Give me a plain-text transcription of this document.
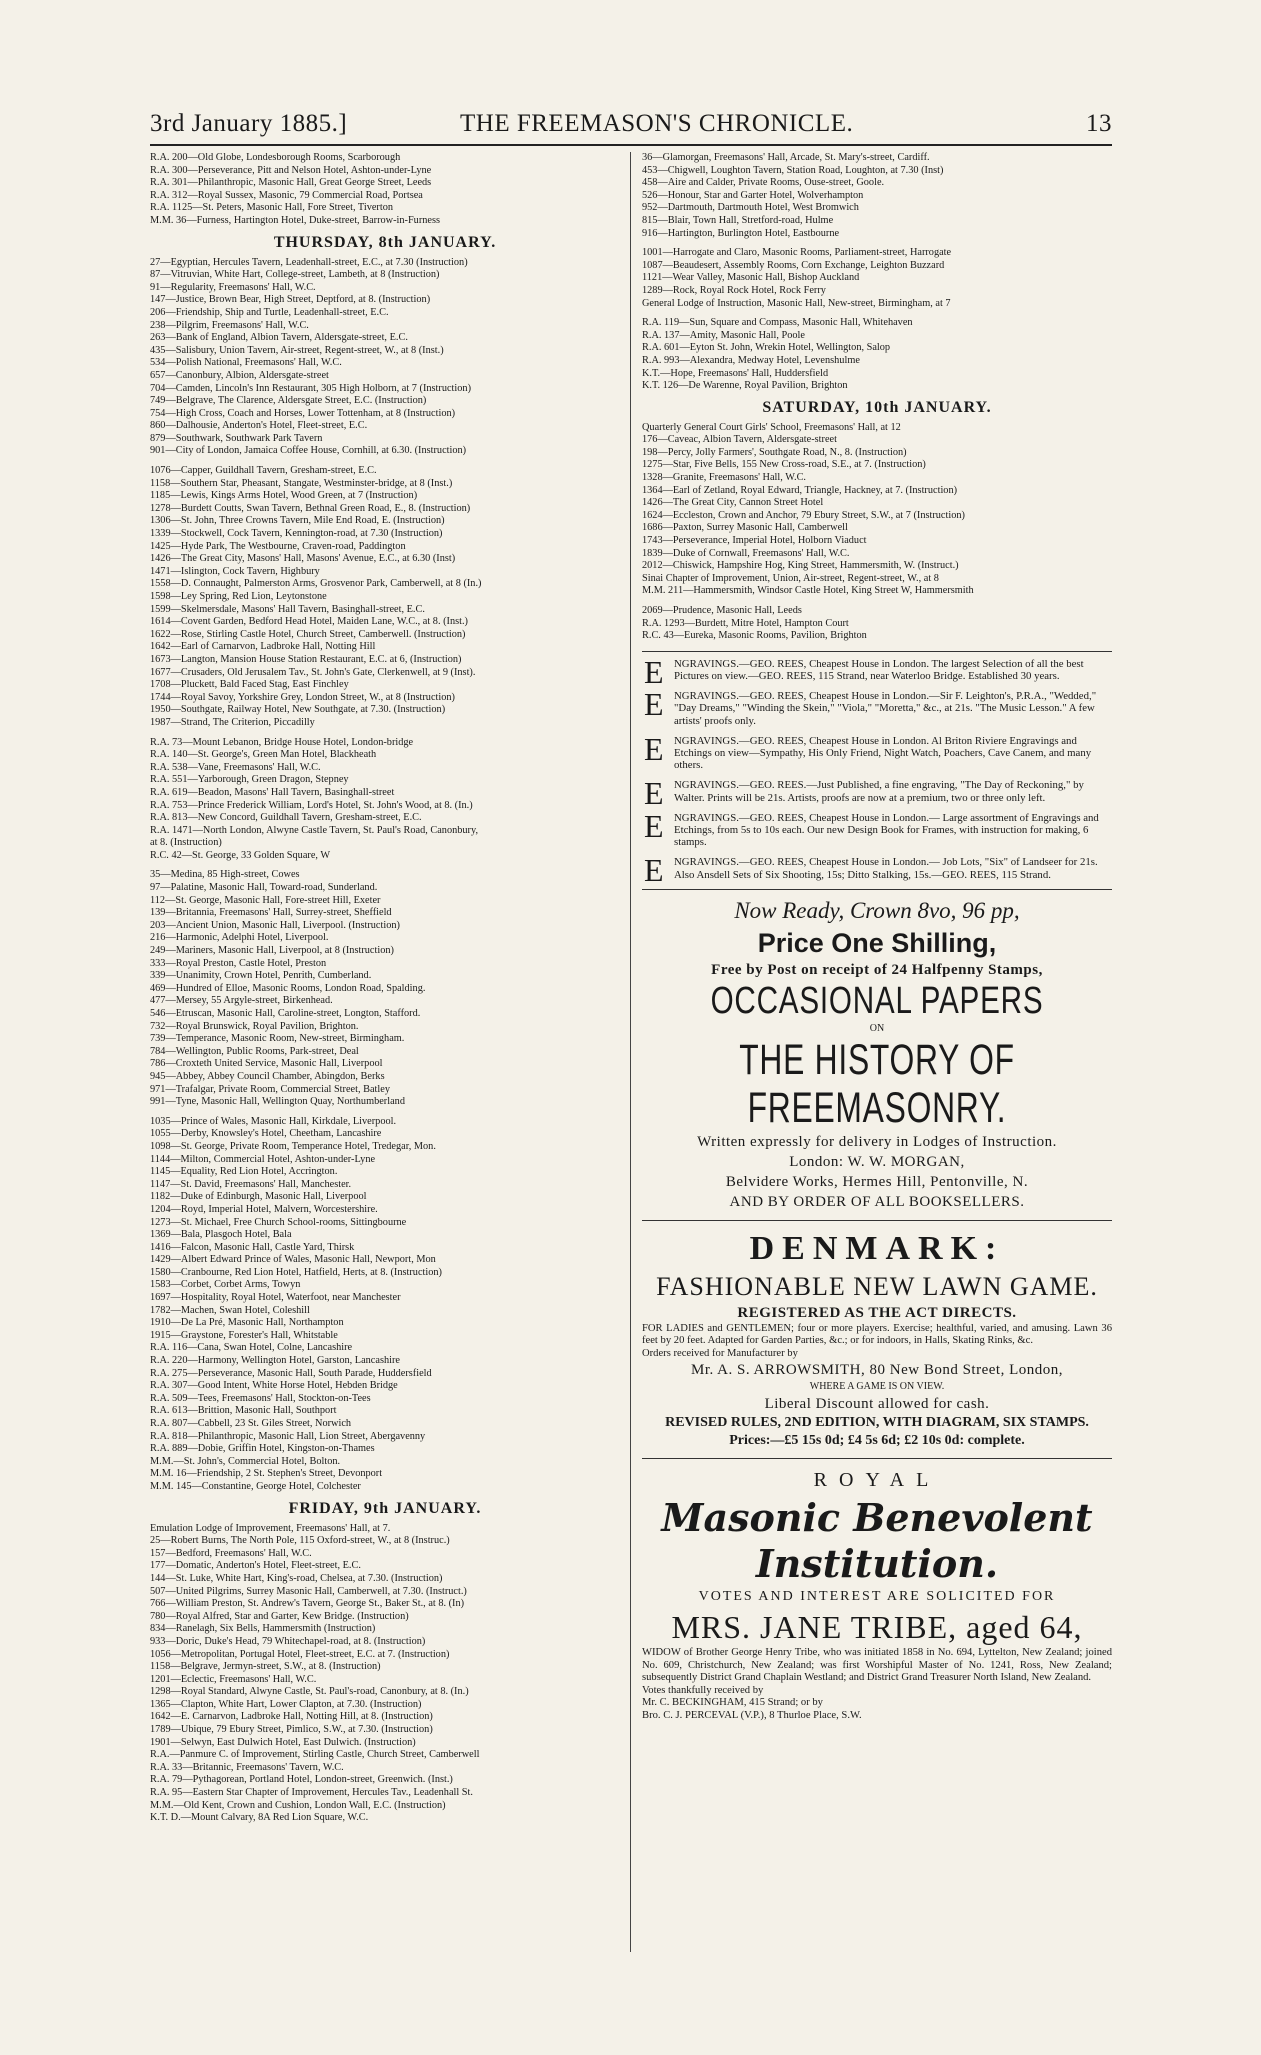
3rd January 1885.]	THE FREEMASON'S CHRONICLE.	13
R.A. 200—Old Globe, Londesborough Rooms, Scarborough
R.A. 300—Perseverance, Pitt and Nelson Hotel, Ashton-under-Lyne
R.A. 301—Philanthropic, Masonic Hall, Great George Street, Leeds
R.A. 312—Royal Sussex, Masonic, 79 Commercial Road, Portsea
R.A. 1125—St. Peters, Masonic Hall, Fore Street, Tiverton
M.M. 36—Furness, Hartington Hotel, Duke-street, Barrow-in-Furness
THURSDAY, 8th JANUARY.
27—Egyptian, Hercules Tavern, Leadenhall-street, E.C., at 7.30 (Instruction)
87—Vitruvian, White Hart, College-street, Lambeth, at 8 (Instruction)
91—Regularity, Freemasons' Hall, W.C.
147—Justice, Brown Bear, High Street, Deptford, at 8. (Instruction)
206—Friendship, Ship and Turtle, Leadenhall-street, E.C.
238—Pilgrim, Freemasons' Hall, W.C.
263—Bank of England, Albion Tavern, Aldersgate-street, E.C.
435—Salisbury, Union Tavern, Air-street, Regent-street, W., at 8 (Inst.)
534—Polish National, Freemasons' Hall, W.C.
657—Canonbury, Albion, Aldersgate-street
704—Camden, Lincoln's Inn Restaurant, 305 High Holborn, at 7 (Instruction)
749—Belgrave, The Clarence, Aldersgate Street, E.C. (Instruction)
754—High Cross, Coach and Horses, Lower Tottenham, at 8 (Instruction)
860—Dalhousie, Anderton's Hotel, Fleet-street, E.C.
879—Southwark, Southwark Park Tavern
901—City of London, Jamaica Coffee House, Cornhill, at 6.30. (Instruction)
1076—Capper, Guildhall Tavern, Gresham-street, E.C.
1158—Southern Star, Pheasant, Stangate, Westminster-bridge, at 8 (Inst.)
1185—Lewis, Kings Arms Hotel, Wood Green, at 7 (Instruction)
1278—Burdett Coutts, Swan Tavern, Bethnal Green Road, E., 8. (Instruction)
1306—St. John, Three Crowns Tavern, Mile End Road, E. (Instruction)
1339—Stockwell, Cock Tavern, Kennington-road, at 7.30 (Instruction)
1425—Hyde Park, The Westbourne, Craven-road, Paddington
1426—The Great City, Masons' Hall, Masons' Avenue, E.C., at 6.30 (Inst)
1471—Islington, Cock Tavern, Highbury
1558—D. Connaught, Palmerston Arms, Grosvenor Park, Camberwell, at 8 (In.)
1598—Ley Spring, Red Lion, Leytonstone
1599—Skelmersdale, Masons' Hall Tavern, Basinghall-street, E.C.
1614—Covent Garden, Bedford Head Hotel, Maiden Lane, W.C., at 8. (Inst.)
1622—Rose, Stirling Castle Hotel, Church Street, Camberwell. (Instruction)
1642—Earl of Carnarvon, Ladbroke Hall, Notting Hill
1673—Langton, Mansion House Station Restaurant, E.C. at 6, (Instruction)
1677—Crusaders, Old Jerusalem Tav., St. John's Gate, Clerkenwell, at 9 (Inst).
1708—Pluckett, Bald Faced Stag, East Finchley
1744—Royal Savoy, Yorkshire Grey, London Street, W., at 8 (Instruction)
1950—Southgate, Railway Hotel, New Southgate, at 7.30. (Instruction)
1987—Strand, The Criterion, Piccadilly
R.A. 73—Mount Lebanon, Bridge House Hotel, London-bridge
R.A. 140—St. George's, Green Man Hotel, Blackheath
R.A. 538—Vane, Freemasons' Hall, W.C.
R.A. 551—Yarborough, Green Dragon, Stepney
R.A. 619—Beadon, Masons' Hall Tavern, Basinghall-street
R.A. 753—Prince Frederick William, Lord's Hotel, St. John's Wood, at 8. (In.)
R.A. 813—New Concord, Guildhall Tavern, Gresham-street, E.C.
R.A. 1471—North London, Alwyne Castle Tavern, St. Paul's Road, Canonbury,
at 8. (Instruction)
R.C. 42—St. George, 33 Golden Square, W
35—Medina, 85 High-street, Cowes
97—Palatine, Masonic Hall, Toward-road, Sunderland.
112—St. George, Masonic Hall, Fore-street Hill, Exeter
139—Britannia, Freemasons' Hall, Surrey-street, Sheffield
203—Ancient Union, Masonic Hall, Liverpool. (Instruction)
216—Harmonic, Adelphi Hotel, Liverpool.
249—Mariners, Masonic Hall, Liverpool, at 8 (Instruction)
333—Royal Preston, Castle Hotel, Preston
339—Unanimity, Crown Hotel, Penrith, Cumberland.
469—Hundred of Elloe, Masonic Rooms, London Road, Spalding.
477—Mersey, 55 Argyle-street, Birkenhead.
546—Etruscan, Masonic Hall, Caroline-street, Longton, Stafford.
732—Royal Brunswick, Royal Pavilion, Brighton.
739—Temperance, Masonic Room, New-street, Birmingham.
784—Wellington, Public Rooms, Park-street, Deal
786—Croxteth United Service, Masonic Hall, Liverpool
945—Abbey, Abbey Council Chamber, Abingdon, Berks
971—Trafalgar, Private Room, Commercial Street, Batley
991—Tyne, Masonic Hall, Wellington Quay, Northumberland
1035—Prince of Wales, Masonic Hall, Kirkdale, Liverpool.
1055—Derby, Knowsley's Hotel, Cheetham, Lancashire
1098—St. George, Private Room, Temperance Hotel, Tredegar, Mon.
1144—Milton, Commercial Hotel, Ashton-under-Lyne
1145—Equality, Red Lion Hotel, Accrington.
1147—St. David, Freemasons' Hall, Manchester.
1182—Duke of Edinburgh, Masonic Hall, Liverpool
1204—Royd, Imperial Hotel, Malvern, Worcestershire.
1273—St. Michael, Free Church School-rooms, Sittingbourne
1369—Bala, Plasgoch Hotel, Bala
1416—Falcon, Masonic Hall, Castle Yard, Thirsk
1429—Albert Edward Prince of Wales, Masonic Hall, Newport, Mon
1580—Cranbourne, Red Lion Hotel, Hatfield, Herts, at 8. (Instruction)
1583—Corbet, Corbet Arms, Towyn
1697—Hospitality, Royal Hotel, Waterfoot, near Manchester
1782—Machen, Swan Hotel, Coleshill
1910—De La Pré, Masonic Hall, Northampton
1915—Graystone, Forester's Hall, Whitstable
R.A. 116—Cana, Swan Hotel, Colne, Lancashire
R.A. 220—Harmony, Wellington Hotel, Garston, Lancashire
R.A. 275—Perseverance, Masonic Hall, South Parade, Huddersfield
R.A. 307—Good Intent, White Horse Hotel, Hebden Bridge
R.A. 509—Tees, Freemasons' Hall, Stockton-on-Tees
R.A. 613—Brittion, Masonic Hall, Southport
R.A. 807—Cabbell, 23 St. Giles Street, Norwich
R.A. 818—Philanthropic, Masonic Hall, Lion Street, Abergavenny
R.A. 889—Dobie, Griffin Hotel, Kingston-on-Thames
M.M.—St. John's, Commercial Hotel, Bolton.
M.M. 16—Friendship, 2 St. Stephen's Street, Devonport
M.M. 145—Constantine, George Hotel, Colchester
FRIDAY, 9th JANUARY.
Emulation Lodge of Improvement, Freemasons' Hall, at 7.
25—Robert Burns, The North Pole, 115 Oxford-street, W., at 8 (Instruc.)
157—Bedford, Freemasons' Hall, W.C.
177—Domatic, Anderton's Hotel, Fleet-street, E.C.
144—St. Luke, White Hart, King's-road, Chelsea, at 7.30. (Instruction)
507—United Pilgrims, Surrey Masonic Hall, Camberwell, at 7.30. (Instruct.)
766—William Preston, St. Andrew's Tavern, George St., Baker St., at 8. (In)
780—Royal Alfred, Star and Garter, Kew Bridge. (Instruction)
834—Ranelagh, Six Bells, Hammersmith (Instruction)
933—Doric, Duke's Head, 79 Whitechapel-road, at 8. (Instruction)
1056—Metropolitan, Portugal Hotel, Fleet-street, E.C. at 7. (Instruction)
1158—Belgrave, Jermyn-street, S.W., at 8. (Instruction)
1201—Eclectic, Freemasons' Hall, W.C.
1298—Royal Standard, Alwyne Castle, St. Paul's-road, Canonbury, at 8. (In.)
1365—Clapton, White Hart, Lower Clapton, at 7.30. (Instruction)
1642—E. Carnarvon, Ladbroke Hall, Notting Hill, at 8. (Instruction)
1789—Ubique, 79 Ebury Street, Pimlico, S.W., at 7.30. (Instruction)
1901—Selwyn, East Dulwich Hotel, East Dulwich. (Instruction)
R.A.—Panmure C. of Improvement, Stirling Castle, Church Street, Camberwell
R.A. 33—Britannic, Freemasons' Tavern, W.C.
R.A. 79—Pythagorean, Portland Hotel, London-street, Greenwich. (Inst.)
R.A. 95—Eastern Star Chapter of Improvement, Hercules Tav., Leadenhall St.
M.M.—Old Kent, Crown and Cushion, London Wall, E.C. (Instruction)
K.T. D.—Mount Calvary, 8A Red Lion Square, W.C.
36—Glamorgan, Freemasons' Hall, Arcade, St. Mary's-street, Cardiff.
453—Chigwell, Loughton Tavern, Station Road, Loughton, at 7.30 (Inst)
458—Aire and Calder, Private Rooms, Ouse-street, Goole.
526—Honour, Star and Garter Hotel, Wolverhampton
952—Dartmouth, Dartmouth Hotel, West Bromwich
815—Blair, Town Hall, Stretford-road, Hulme
916—Hartington, Burlington Hotel, Eastbourne
1001—Harrogate and Claro, Masonic Rooms, Parliament-street, Harrogate
1087—Beaudesert, Assembly Rooms, Corn Exchange, Leighton Buzzard
1121—Wear Valley, Masonic Hall, Bishop Auckland
1289—Rock, Royal Rock Hotel, Rock Ferry
General Lodge of Instruction, Masonic Hall, New-street, Birmingham, at 7
R.A. 119—Sun, Square and Compass, Masonic Hall, Whitehaven
R.A. 137—Amity, Masonic Hall, Poole
R.A. 601—Eyton St. John, Wrekin Hotel, Wellington, Salop
R.A. 993—Alexandra, Medway Hotel, Levenshulme
K.T.—Hope, Freemasons' Hall, Huddersfield
K.T. 126—De Warenne, Royal Pavilion, Brighton
SATURDAY, 10th JANUARY.
Quarterly General Court Girls' School, Freemasons' Hall, at 12
176—Caveac, Albion Tavern, Aldersgate-street
198—Percy, Jolly Farmers', Southgate Road, N., 8. (Instruction)
1275—Star, Five Bells, 155 New Cross-road, S.E., at 7. (Instruction)
1328—Granite, Freemasons' Hall, W.C.
1364—Earl of Zetland, Royal Edward, Triangle, Hackney, at 7. (Instruction)
1426—The Great City, Cannon Street Hotel
1624—Eccleston, Crown and Anchor, 79 Ebury Street, S.W., at 7 (Instruction)
1686—Paxton, Surrey Masonic Hall, Camberwell
1743—Perseverance, Imperial Hotel, Holborn Viaduct
1839—Duke of Cornwall, Freemasons' Hall, W.C.
2012—Chiswick, Hampshire Hog, King Street, Hammersmith, W. (Instruct.)
Sinai Chapter of Improvement, Union, Air-street, Regent-street, W., at 8
M.M. 211—Hammersmith, Windsor Castle Hotel, King Street W, Hammersmith
2069—Prudence, Masonic Hall, Leeds
R.A. 1293—Burdett, Mitre Hotel, Hampton Court
R.C. 43—Eureka, Masonic Rooms, Pavilion, Brighton
E NGRAVINGS.—GEO. REES, Cheapest House in London. The largest Selection of all the best Pictures on view.—GEO. REES, 115 Strand, near Waterloo Bridge. Established 30 years.

E NGRAVINGS.—GEO. REES, Cheapest House in London.—Sir F. Leighton's, P.R.A., "Wedded," "Day Dreams," "Winding the Skein," "Viola," "Moretta," &c., at 21s. "The Music Lesson." A few artists' proofs only.

E NGRAVINGS.—GEO. REES, Cheapest House in London. Al Briton Riviere Engravings and Etchings on view—Sympathy, His Only Friend, Night Watch, Poachers, Cave Canem, and many others.

E NGRAVINGS.—GEO. REES.—Just Published, a fine engraving, "The Day of Reckoning," by Walter. Prints will be 21s. Artists, proofs are now at a premium, two or three only left.

E NGRAVINGS.—GEO. REES, Cheapest House in London.— Large assortment of Engravings and Etchings, from 5s to 10s each. Our new Design Book for Frames, with instruction for making, 6 stamps.

E NGRAVINGS.—GEO. REES, Cheapest House in London.— Job Lots, "Six" of Landseer for 21s. Also Ansdell Sets of Six Shooting, 15s; Ditto Stalking, 15s.—GEO. REES, 115 Strand.

Now Ready, Crown 8vo, 96 pp,
Price One Shilling,
Free by Post on receipt of 24 Halfpenny Stamps,
OCCASIONAL PAPERS
ON
THE HISTORY OF FREEMASONRY.
Written expressly for delivery in Lodges of Instruction.
London: W. W. MORGAN,
Belvidere Works, Hermes Hill, Pentonville, N.
AND BY ORDER OF ALL BOOKSELLERS.
DENMARK:
FASHIONABLE NEW LAWN GAME.
REGISTERED AS THE ACT DIRECTS.
FOR LADIES and GENTLEMEN; four or more players. Exercise; healthful, varied, and amusing. Lawn 36 feet by 20 feet. Adapted for Garden Parties, &c.; or for indoors, in Halls, Skating Rinks, &c.
Orders received for Manufacturer by
Mr. A. S. ARROWSMITH, 80 New Bond Street, London,
WHERE A GAME IS ON VIEW.
Liberal Discount allowed for cash.
REVISED RULES, 2ND EDITION, WITH DIAGRAM, SIX STAMPS.
Prices:—£5 15s 0d; £4 5s 6d; £2 10s 0d: complete.
ROYAL
Masonic Benevolent Institution.
VOTES AND INTEREST ARE SOLICITED FOR
MRS. JANE TRIBE, aged 64,
WIDOW of Brother George Henry Tribe, who was initiated 1858 in No. 694, Lyttelton, New Zealand; joined No. 609, Christchurch, New Zealand; was first Worshipful Master of No. 1241, Ross, New Zealand; subsequently District Grand Chaplain Westland; and District Grand Treasurer North Island, New Zealand.
Votes thankfully received by
Mr. C. BECKINGHAM, 415 Strand; or by
Bro. C. J. PERCEVAL (V.P.), 8 Thurloe Place, S.W.
